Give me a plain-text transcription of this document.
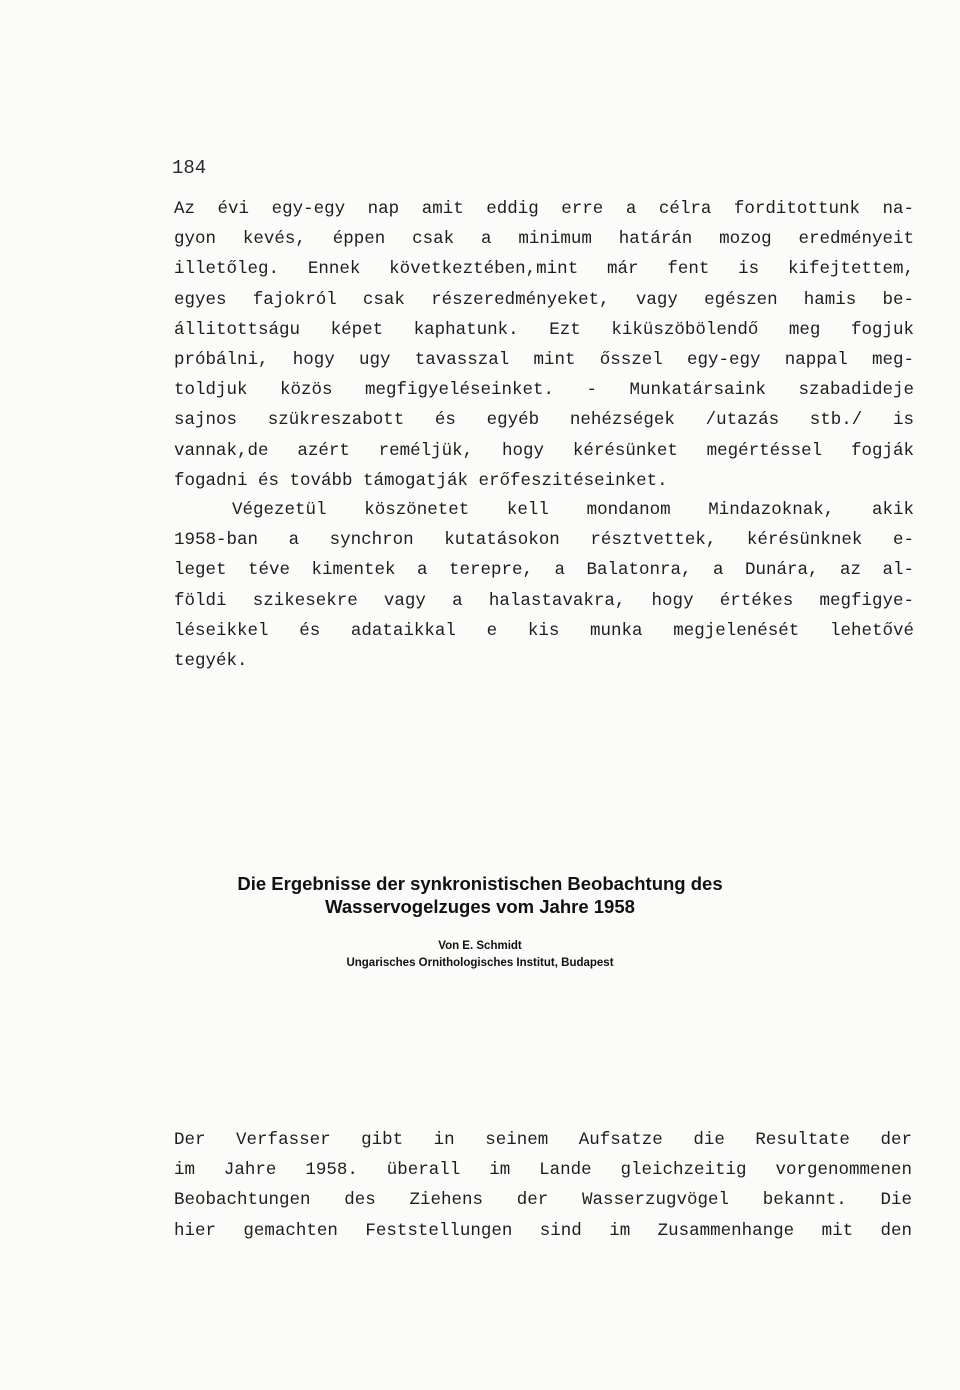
184
Az évi egy-egy nap amit eddig erre a célra forditottunk na-
gyon kevés, éppen csak a minimum határán mozog eredményeit
illetőleg. Ennek következtében,mint már fent is kifejtettem,
egyes fajokról csak részeredményeket, vagy egészen hamis be-
állitottságu képet kaphatunk. Ezt kiküszöbölendő meg fogjuk
próbálni, hogy ugy tavasszal mint ősszel egy-egy nappal meg-
toldjuk közös megfigyeléseinket. - Munkatársaink szabadideje
sajnos szükreszabott és egyéb nehézségek /utazás stb./ is
vannak,de azért reméljük, hogy kérésünket megértéssel fogják
fogadni és tovább támogatják erőfeszitéseinket.
Végezetül köszönetet kell mondanom Mindazoknak, akik
1958-ban a synchron kutatásokon résztvettek, kérésünknek e-
leget téve kimentek a terepre, a Balatonra, a Dunára, az al-
földi szikesekre vagy a halastavakra, hogy értékes megfigye-
léseikkel és adataikkal e kis munka megjelenését lehetővé
tegyék.
Die Ergebnisse der synkronistischen Beobachtung des
Wasservogelzuges vom Jahre 1958
Von E. Schmidt
Ungarisches Ornithologisches Institut, Budapest
Der Verfasser gibt in seinem Aufsatze die Resultate der
im Jahre 1958. überall im Lande gleichzeitig vorgenommenen
Beobachtungen des Ziehens der Wasserzugvögel bekannt. Die
hier gemachten Feststellungen sind im Zusammenhange mit den
